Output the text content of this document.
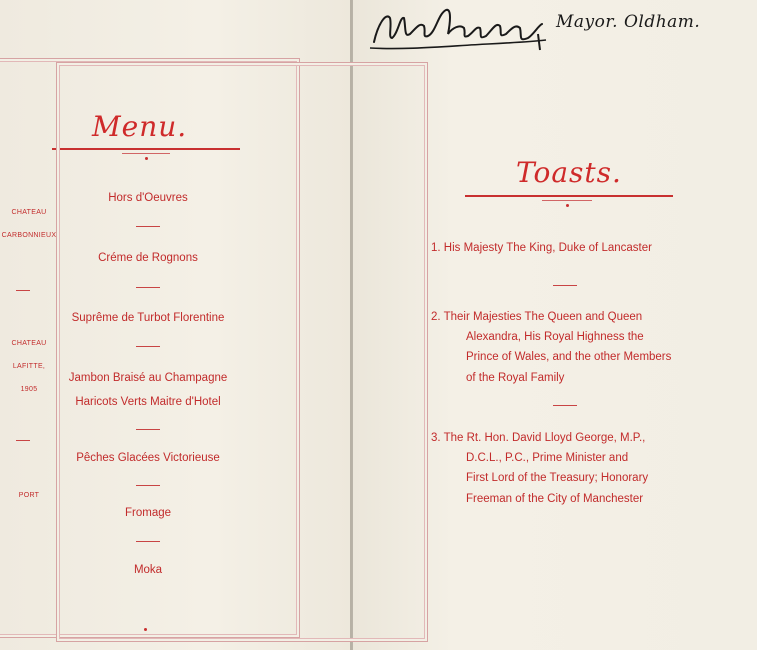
Menu.
CHATEAU
CARBONNIEUX
CHATEAU
LAFITTE,
1905
PORT
Hors d'Oeuvres
Créme de Rognons
Suprême de Turbot Florentine
Jambon Braisé au Champagne
Haricots Verts Maitre d'Hotel
Pêches Glacées Victorieuse
Fromage
Moka
Mayor. Oldham.
Toasts.
1. His Majesty The King, Duke of Lancaster
2. Their Majesties The Queen and Queen
Alexandra, His Royal Highness the
Prince of Wales, and the other Members
of the Royal Family
3. The Rt. Hon. David Lloyd George, M.P.,
D.C.L., P.C., Prime Minister and
First Lord of the Treasury; Honorary
Freeman of the City of Manchester
